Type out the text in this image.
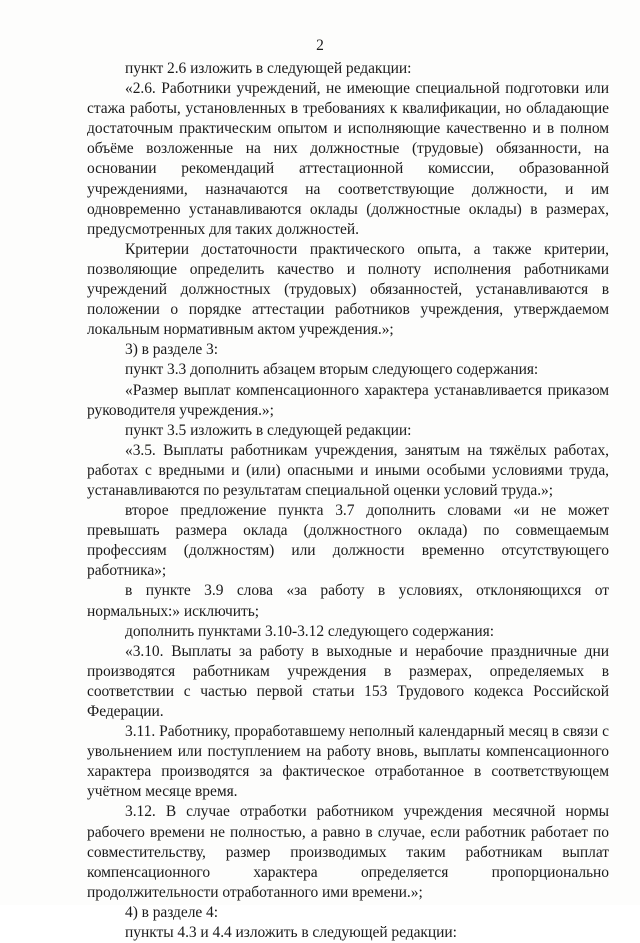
2

пункт 2.6 изложить в следующей редакции:

«2.6. Работники учреждений, не имеющие специальной подготовки или стажа работы, установленных в требованиях к квалификации, но обладающие достаточным практическим опытом и исполняющие качественно и в полном объёме возложенные на них должностные (трудовые) обязанности, на основании рекомендаций аттестационной комиссии, образованной учреждениями, назначаются на соответствующие должности, и им одновременно устанавливаются оклады (должностные оклады) в размерах, предусмотренных для таких должностей.

Критерии достаточности практического опыта, а также критерии, позволяющие определить качество и полноту исполнения работниками учреждений должностных (трудовых) обязанностей, устанавливаются в положении о порядке аттестации работников учреждения, утверждаемом локальным нормативным актом учреждения.»;

3) в разделе 3:

пункт 3.3 дополнить абзацем вторым следующего содержания:

«Размер выплат компенсационного характера устанавливается приказом руководителя учреждения.»;

пункт 3.5 изложить в следующей редакции:

«3.5. Выплаты работникам учреждения, занятым на тяжёлых работах, работах с вредными и (или) опасными и иными особыми условиями труда, устанавливаются по результатам специальной оценки условий труда.»;

второе предложение пункта 3.7 дополнить словами «и не может превышать размера оклада (должностного оклада) по совмещаемым профессиям (должностям) или должности временно отсутствующего работника»;

в пункте 3.9 слова «за работу в условиях, отклоняющихся от нормальных:» исключить;

дополнить пунктами 3.10-3.12 следующего содержания:

«3.10. Выплаты за работу в выходные и нерабочие праздничные дни производятся работникам учреждения в размерах, определяемых в соответствии с частью первой статьи 153 Трудового кодекса Российской Федерации.

3.11. Работнику, проработавшему неполный календарный месяц в связи с увольнением или поступлением на работу вновь, выплаты компенсационного характера производятся за фактическое отработанное в соответствующем учётном месяце время.

3.12. В случае отработки работником учреждения месячной нормы рабочего времени не полностью, а равно в случае, если работник работает по совместительству, размер производимых таким работникам выплат компенсационного характера определяется пропорционально продолжительности отработанного ими времени.»;

4) в разделе 4:

пункты 4.3 и 4.4 изложить в следующей редакции:
